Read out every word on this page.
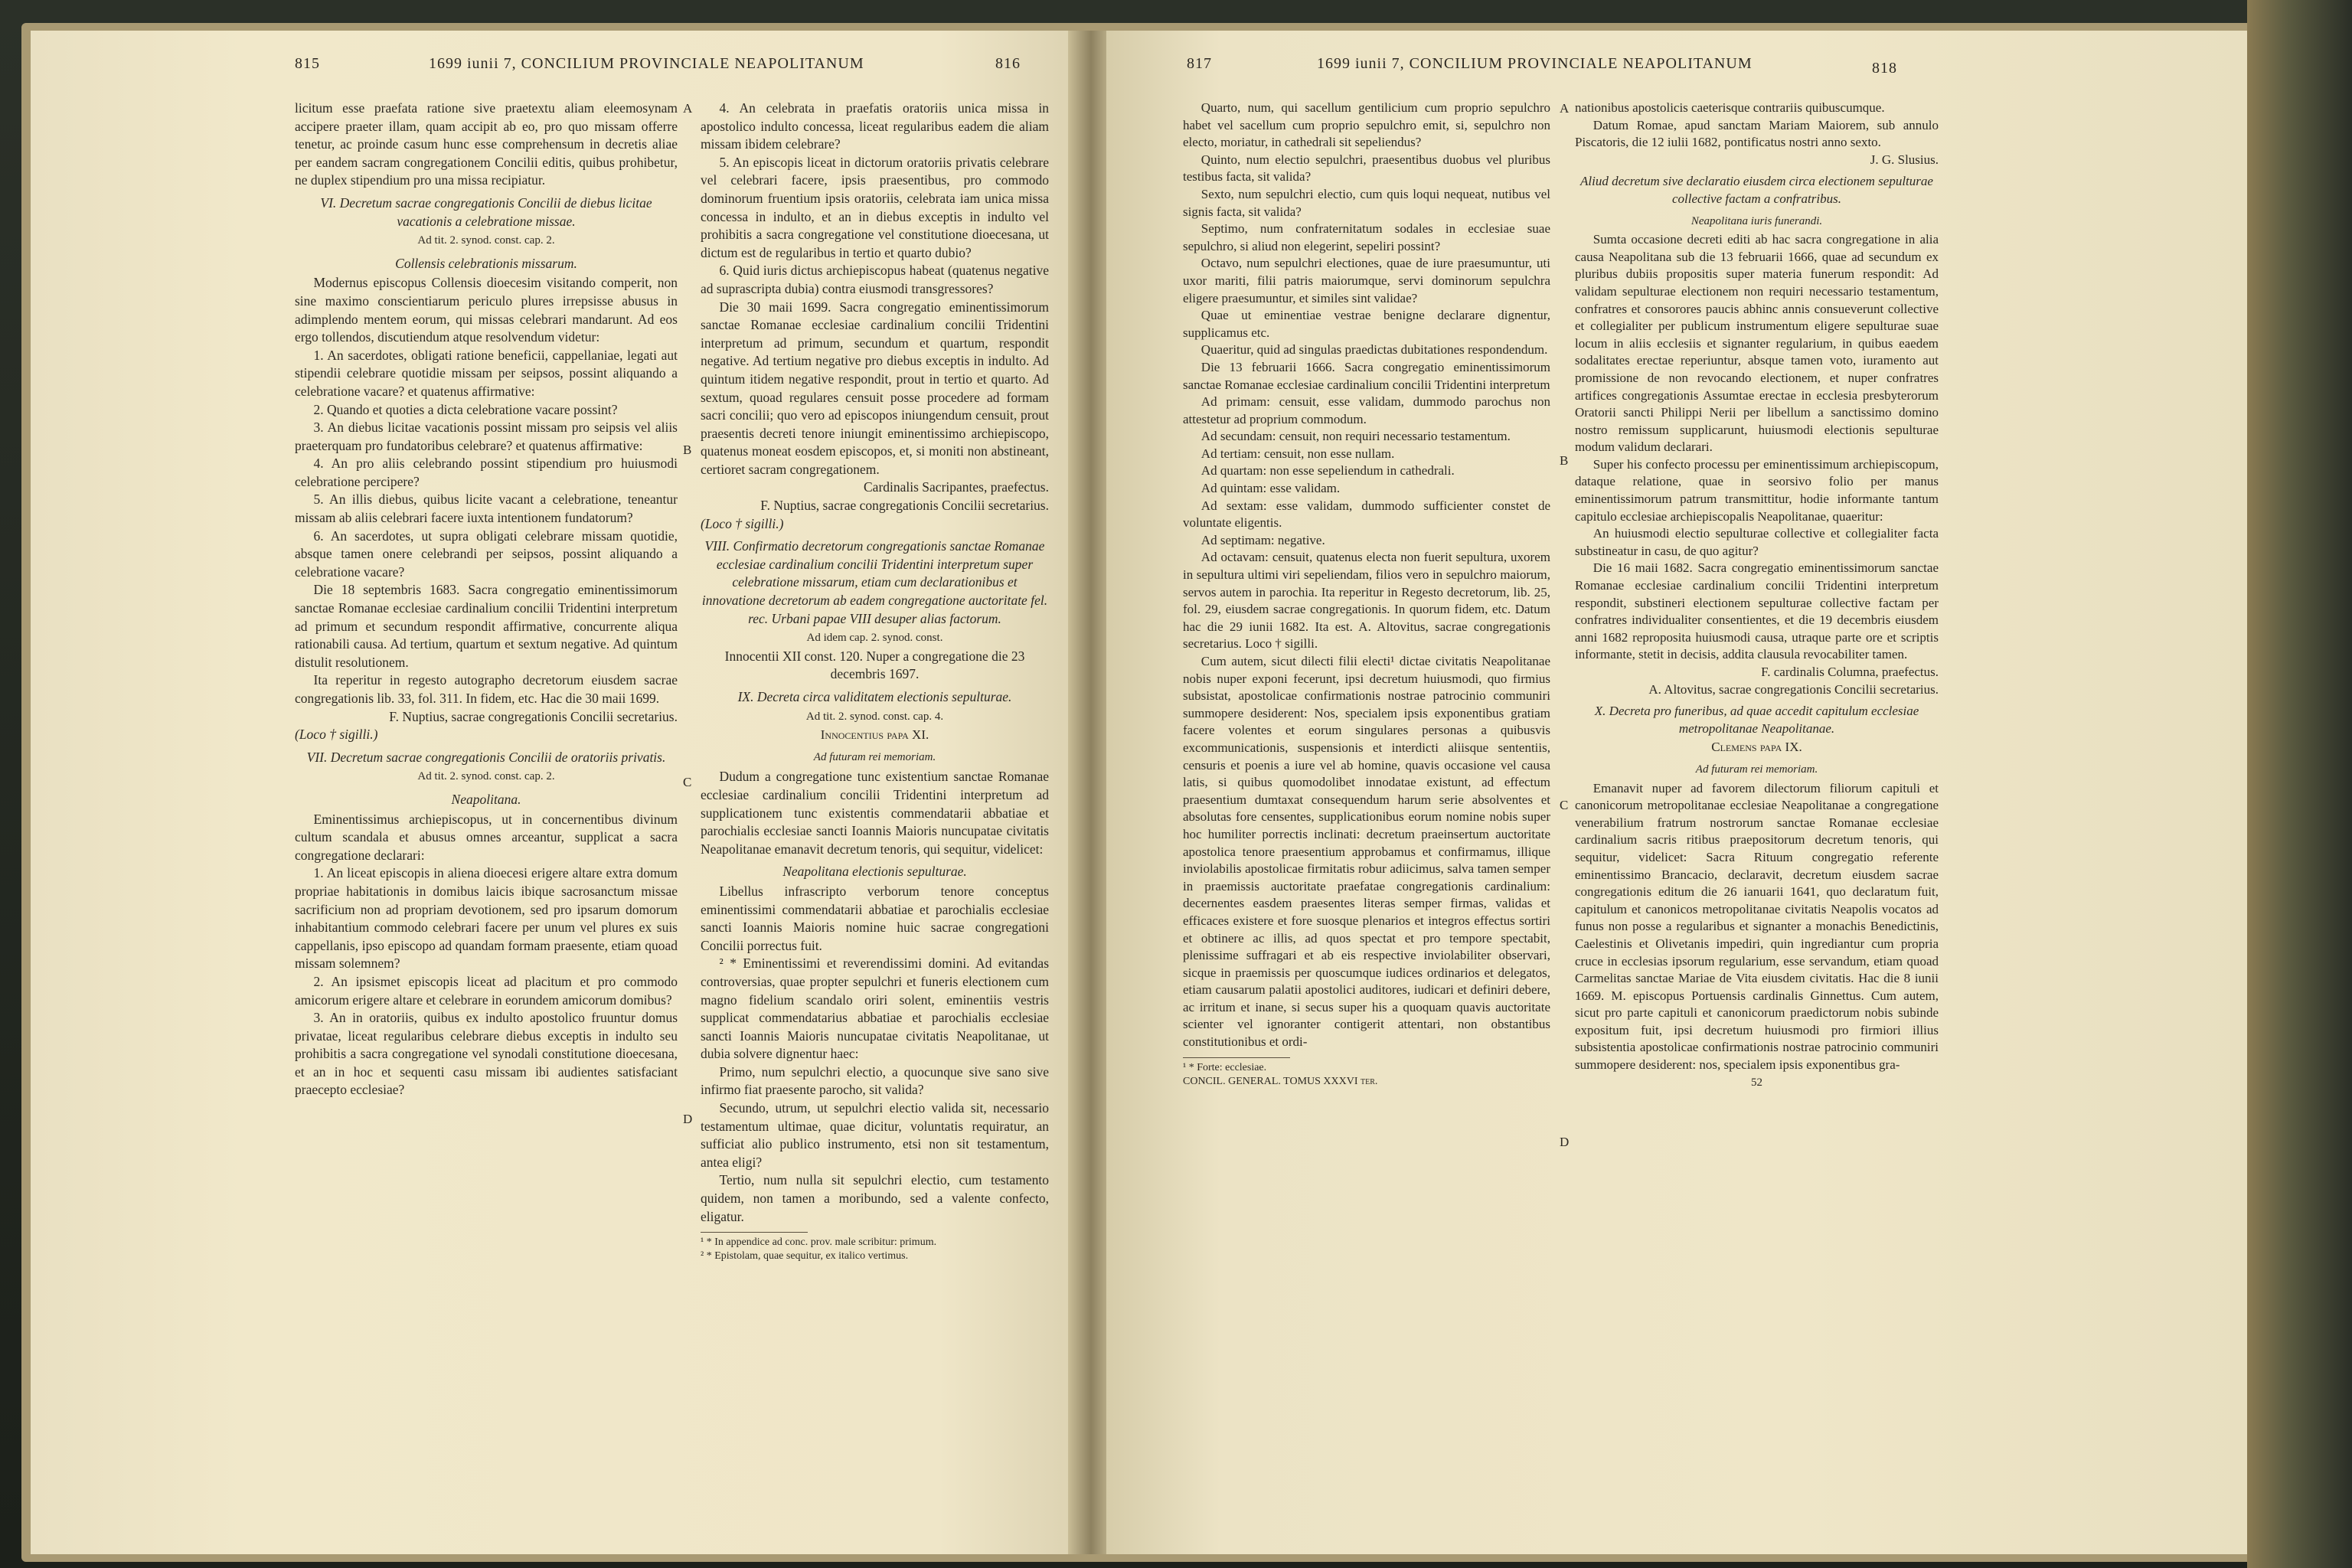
815	1699 iunii 7, CONCILIUM PROVINCIALE NEAPOLITANUM	816

licitum esse praefata ratione sive praetextu aliam eleemosynam accipere praeter illam, quam accipit ab eo, pro quo missam offerre tenetur, ac proinde casum hunc esse comprehensum in decretis aliae per eandem sacram congregationem Concilii editis, quibus prohibetur, ne duplex stipendium pro una missa recipiatur.

VI. Decretum sacrae congregationis Concilii de diebus licitae vacationis a celebratione missae.

Ad tit. 2. synod. const. cap. 2.

Collensis celebrationis missarum.

Modernus episcopus Collensis dioecesim visitando comperit, non sine maximo conscientiarum periculo plures irrepsisse abusus in adimplendo mentem eorum, qui missas celebrari mandarunt. Ad eos ergo tollendos, discutiendum atque resolvendum videtur:

1. An sacerdotes, obligati ratione beneficii, cappellaniae, legati aut stipendii celebrare quotidie missam per seipsos, possint aliquando a celebratione vacare? et quatenus affirmative:

2. Quando et quoties a dicta celebratione vacare possint?

3. An diebus licitae vacationis possint missam pro seipsis vel aliis praeterquam pro fundatoribus celebrare? et quatenus affirmative:

4. An pro aliis celebrando possint stipendium pro huiusmodi celebratione percipere?

5. An illis diebus, quibus licite vacant a celebratione, teneantur missam ab aliis celebrari facere iuxta intentionem fundatorum?

6. An sacerdotes, ut supra obligati celebrare missam quotidie, absque tamen onere celebrandi per seipsos, possint aliquando a celebratione vacare?

Die 18 septembris 1683. Sacra congregatio eminentissimorum sanctae Romanae ecclesiae cardinalium concilii Tridentini interpretum ad primum et secundum respondit affirmative, concurrente aliqua rationabili causa. Ad tertium, quartum et sextum negative. Ad quintum distulit resolutionem.

Ita reperitur in regesto autographo decretorum eiusdem sacrae congregationis lib. 33, fol. 311. In fidem, etc. Hac die 30 maii 1699.

F. Nuptius, sacrae congregationis Concilii secretarius.

(Loco † sigilli.)

VII. Decretum sacrae congregationis Concilii de oratoriis privatis.

Ad tit. 2. synod. const. cap. 2.

Neapolitana.

Eminentissimus archiepiscopus, ut in concernentibus divinum cultum scandala et abusus omnes arceantur, supplicat a sacra congregatione declarari:

1. An liceat episcopis in aliena dioecesi erigere altare extra domum propriae habitationis in domibus laicis ibique sacrosanctum missae sacrificium non ad propriam devotionem, sed pro ipsarum domorum inhabitantium commodo celebrari facere per unum vel plures ex suis cappellanis, ipso episcopo ad quandam formam praesente, etiam quoad missam solemnem?

2. An ipsismet episcopis liceat ad placitum et pro commodo amicorum erigere altare et celebrare in eorundem amicorum domibus?

3. An in oratoriis, quibus ex indulto apostolico fruuntur domus privatae, liceat regularibus celebrare diebus exceptis in indulto seu prohibitis a sacra congregatione vel synodali constitutione dioecesana, et an in hoc et sequenti casu missam ibi audientes satisfaciant praecepto ecclesiae?

A
B
C
D

4. An celebrata in praefatis oratoriis unica missa in apostolico indulto concessa, liceat regularibus eadem die aliam missam ibidem celebrare?

5. An episcopis liceat in dictorum oratoriis privatis celebrare vel celebrari facere, ipsis praesentibus, pro commodo dominorum fruentium ipsis oratoriis, celebrata iam unica missa concessa in indulto, et an in diebus exceptis in indulto vel prohibitis a sacra congregatione vel constitutione dioecesana, ut dictum est de regularibus in tertio et quarto dubio?

6. Quid iuris dictus archiepiscopus habeat (quatenus negative ad suprascripta dubia) contra eiusmodi transgressores?

Die 30 maii 1699. Sacra congregatio eminentissimorum sanctae Romanae ecclesiae cardinalium concilii Tridentini interpretum ad primum, secundum et quartum, respondit negative. Ad tertium negative pro diebus exceptis in indulto. Ad quintum itidem negative respondit, prout in tertio et quarto. Ad sextum, quoad regulares censuit posse procedere ad formam sacri concilii; quo vero ad episcopos iniungendum censuit, prout praesentis decreti tenore iniungit eminentissimo archiepiscopo, quatenus moneat eosdem episcopos, et, si moniti non abstineant, certioret sacram congregationem.

Cardinalis Sacripantes, praefectus.

F. Nuptius, sacrae congregationis Concilii secretarius.

(Loco † sigilli.)

VIII. Confirmatio decretorum congregationis sanctae Romanae ecclesiae cardinalium concilii Tridentini interpretum super celebratione missarum, etiam cum declarationibus et innovatione decretorum ab eadem congregatione auctoritate fel. rec. Urbani papae VIII desuper alias factorum.

Ad idem cap. 2. synod. const.

Innocentii XII const. 120. Nuper a congregatione die 23 decembris 1697.

IX. Decreta circa validitatem electionis sepulturae.

Ad tit. 2. synod. const. cap. 4.

Innocentius papa XI.

Ad futuram rei memoriam.

Dudum a congregatione tunc existentium sanctae Romanae ecclesiae cardinalium concilii Tridentini interpretum ad supplicationem tunc existentis commendatarii abbatiae et parochialis ecclesiae sancti Ioannis Maioris nuncupatae civitatis Neapolitanae emanavit decretum tenoris, qui sequitur, videlicet:

Neapolitana electionis sepulturae.

Libellus infrascripto verborum tenore conceptus eminentissimi commendatarii abbatiae et parochialis ecclesiae sancti Ioannis Maioris nomine huic sacrae congregationi Concilii porrectus fuit.

² * Eminentissimi et reverendissimi domini. Ad evitandas controversias, quae propter sepulchri et funeris electionem cum magno fidelium scandalo oriri solent, eminentiis vestris supplicat commendatarius abbatiae et parochialis ecclesiae sancti Ioannis Maioris nuncupatae civitatis Neapolitanae, ut dubia solvere dignentur haec:

Primo, num sepulchri electio, a quocunque sive sano sive infirmo fiat praesente parocho, sit valida?

Secundo, utrum, ut sepulchri electio valida sit, necessario testamentum ultimae, quae dicitur, voluntatis requiratur, an sufficiat alio publico instrumento, etsi non sit testamentum, antea eligi?

Tertio, num nulla sit sepulchri electio, cum testamento quidem, non tamen a moribundo, sed a valente confecto, eligatur.

¹ * In appendice ad conc. prov. male scribitur: primum.

² * Epistolam, quae sequitur, ex italico vertimus.

817	1699 iunii 7, CONCILIUM PROVINCIALE NEAPOLITANUM	818

Quarto, num, qui sacellum gentilicium cum proprio sepulchro habet vel sacellum cum proprio sepulchro emit, si, sepulchro non electo, moriatur, in cathedrali sit sepeliendus?

Quinto, num electio sepulchri, praesentibus duobus vel pluribus testibus facta, sit valida?

Sexto, num sepulchri electio, cum quis loqui nequeat, nutibus vel signis facta, sit valida?

Septimo, num confraternitatum sodales in ecclesiae suae sepulchro, si aliud non elegerint, sepeliri possint?

Octavo, num sepulchri electiones, quae de iure praesumuntur, uti uxor mariti, filii patris maiorumque, servi dominorum sepulchra eligere praesumuntur, et similes sint validae?

Quae ut eminentiae vestrae benigne declarare dignentur, supplicamus etc.

Quaeritur, quid ad singulas praedictas dubitationes respondendum.

Die 13 februarii 1666. Sacra congregatio eminentissimorum sanctae Romanae ecclesiae cardinalium concilii Tridentini interpretum

Ad primam: censuit, esse validam, dummodo parochus non attestetur ad proprium commodum.

Ad secundam: censuit, non requiri necessario testamentum.

Ad tertiam: censuit, non esse nullam.

Ad quartam: non esse sepeliendum in cathedrali.

Ad quintam: esse validam.

Ad sextam: esse validam, dummodo sufficienter constet de voluntate eligentis.

Ad septimam: negative.

Ad octavam: censuit, quatenus electa non fuerit sepultura, uxorem in sepultura ultimi viri sepeliendam, filios vero in sepulchro maiorum, servos autem in parochia. Ita reperitur in Regesto decretorum, lib. 25, fol. 29, eiusdem sacrae congregationis. In quorum fidem, etc. Datum hac die 29 iunii 1682. Ita est. A. Altovitus, sacrae congregationis secretarius. Loco † sigilli.

Cum autem, sicut dilecti filii electi¹ dictae civitatis Neapolitanae nobis nuper exponi fecerunt, ipsi decretum huiusmodi, quo firmius subsistat, apostolicae confirmationis nostrae patrocinio communiri summopere desiderent: Nos, specialem ipsis exponentibus gratiam facere volentes et eorum singulares personas a quibusvis excommunicationis, suspensionis et interdicti aliisque sententiis, censuris et poenis a iure vel ab homine, quavis occasione vel causa latis, si quibus quomodolibet innodatae existunt, ad effectum praesentium dumtaxat consequendum harum serie absolventes et absolutas fore censentes, supplicationibus eorum nomine nobis super hoc humiliter porrectis inclinati: decretum praeinsertum auctoritate apostolica tenore praesentium approbamus et confirmamus, illique inviolabilis apostolicae firmitatis robur adiicimus, salva tamen semper in praemissis auctoritate praefatae congregationis cardinalium: decernentes easdem praesentes literas semper firmas, validas et efficaces existere et fore suosque plenarios et integros effectus sortiri et obtinere ac illis, ad quos spectat et pro tempore spectabit, plenissime suffragari et ab eis respective inviolabiliter observari, sicque in praemissis per quoscumque iudices ordinarios et delegatos, etiam causarum palatii apostolici auditores, iudicari et definiri debere, ac irritum et inane, si secus super his a quoquam quavis auctoritate scienter vel ignoranter contigerit attentari, non obstantibus constitutionibus et ordi-

¹ * Forte: ecclesiae.

CONCIL. GENERAL. TOMUS XXXVI ter.

A
B
C
D

nationibus apostolicis caeterisque contrariis quibuscumque.

Datum Romae, apud sanctam Mariam Maiorem, sub annulo Piscatoris, die 12 iulii 1682, pontificatus nostri anno sexto.

J. G. Slusius.

Aliud decretum sive declaratio eiusdem circa electionem sepulturae collective factam a confratribus.

Neapolitana iuris funerandi.

Sumta occasione decreti editi ab hac sacra congregatione in alia causa Neapolitana sub die 13 februarii 1666, quae ad secundum ex pluribus dubiis propositis super materia funerum respondit: Ad validam sepulturae electionem non requiri necessario testamentum, confratres et consorores paucis abhinc annis consueverunt collective et collegialiter per publicum instrumentum eligere sepulturae suae locum in aliis ecclesiis et signanter regularium, in quibus eaedem sodalitates erectae reperiuntur, absque tamen voto, iuramento aut promissione de non revocando electionem, et nuper confratres artifices congregationis Assumtae erectae in ecclesia presbyterorum Oratorii sancti Philippi Nerii per libellum a sanctissimo domino nostro remissum supplicarunt, huiusmodi electionis sepulturae modum validum declarari.

Super his confecto processu per eminentissimum archiepiscopum, dataque relatione, quae in seorsivo folio per manus eminentissimorum patrum transmittitur, hodie informante tantum capitulo ecclesiae archiepiscopalis Neapolitanae, quaeritur:

An huiusmodi electio sepulturae collective et collegialiter facta substineatur in casu, de quo agitur?

Die 16 maii 1682. Sacra congregatio eminentissimorum sanctae Romanae ecclesiae cardinalium concilii Tridentini interpretum respondit, substineri electionem sepulturae collective factam per confratres individualiter consentientes, et die 19 decembris eiusdem anni 1682 reproposita huiusmodi causa, utraque parte ore et scriptis informante, stetit in decisis, addita clausula revocabiliter tamen.

F. cardinalis Columna, praefectus.

A. Altovitus, sacrae congregationis Concilii secretarius.

X. Decreta pro funeribus, ad quae accedit capitulum ecclesiae metropolitanae Neapolitanae.

Clemens papa IX.

Ad futuram rei memoriam.

Emanavit nuper ad favorem dilectorum filiorum capituli et canonicorum metropolitanae ecclesiae Neapolitanae a congregatione venerabilium fratrum nostrorum sanctae Romanae ecclesiae cardinalium sacris ritibus praepositorum decretum tenoris, qui sequitur, videlicet: Sacra Rituum congregatio referente eminentissimo Brancacio, declaravit, decretum eiusdem sacrae congregationis editum die 26 ianuarii 1641, quo declaratum fuit, capitulum et canonicos metropolitanae civitatis Neapolis vocatos ad funus non posse a regularibus et signanter a monachis Benedictinis, Caelestinis et Olivetanis impediri, quin ingrediantur cum propria cruce in ecclesias ipsorum regularium, esse servandum, etiam quoad Carmelitas sanctae Mariae de Vita eiusdem civitatis. Hac die 8 iunii 1669. M. episcopus Portuensis cardinalis Ginnettus. Cum autem, sicut pro parte capituli et canonicorum praedictorum nobis subinde expositum fuit, ipsi decretum huiusmodi pro firmiori illius subsistentia apostolicae confirmationis nostrae patrocinio communiri summopere desiderent: nos, specialem ipsis exponentibus gra-

52
